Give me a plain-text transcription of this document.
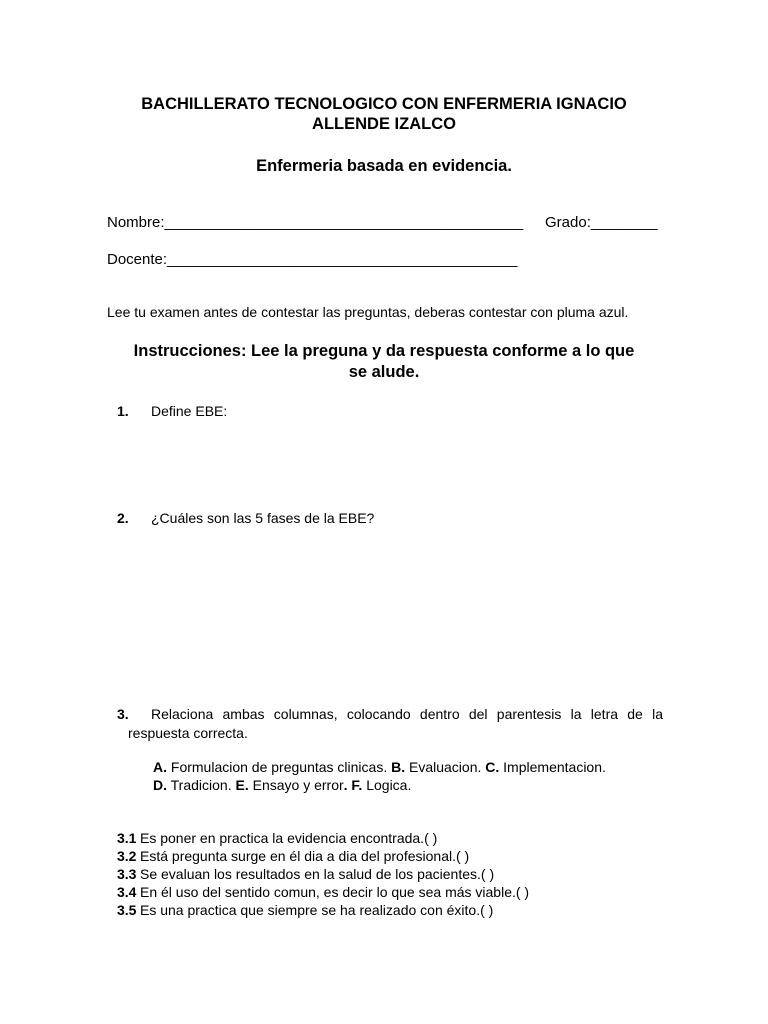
BACHILLERATO TECNOLOGICO CON ENFERMERIA IGNACIO
ALLENDE IZALCO
Enfermeria basada en evidencia.
Nombre:___________________________________________ Grado:________
Docente:__________________________________________
Lee tu examen antes de contestar las preguntas, deberas contestar con pluma azul.
Instrucciones: Lee la preguna y da respuesta conforme a lo que
se alude.
1. Define EBE:
2. ¿Cuáles son las 5 fases de la EBE?
3. Relaciona ambas columnas, colocando dentro del parentesis la letra de la
respuesta correcta.
A. Formulacion de preguntas clinicas. B. Evaluacion. C. Implementacion.
D. Tradicion. E. Ensayo y error. F. Logica.
3.1 Es poner en practica la evidencia encontrada.( )
3.2 Está pregunta surge en él dia a dia del profesional.( )
3.3 Se evaluan los resultados en la salud de los pacientes.( )
3.4 En él uso del sentido comun, es decir lo que sea más viable.( )
3.5 Es una practica que siempre se ha realizado con éxito.( )
